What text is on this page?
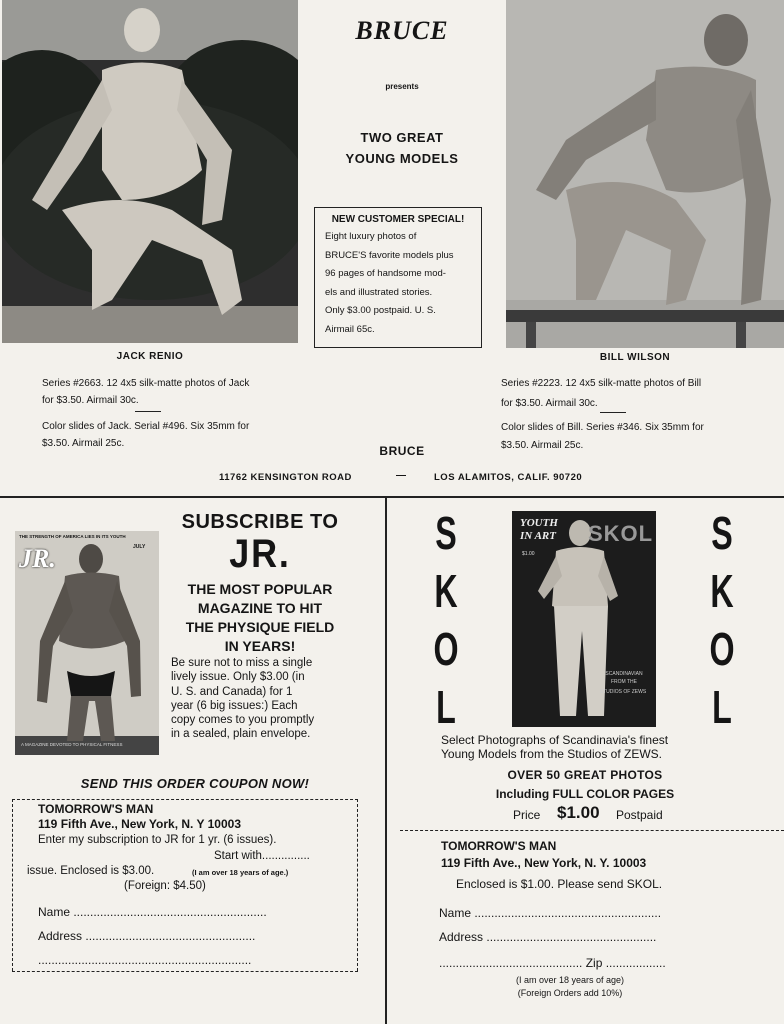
BRUCE
presents
TWO GREAT
YOUNG MODELS
NEW CUSTOMER SPECIAL!
Eight luxury photos of
BRUCE'S favorite models plus
96 pages of handsome mod-
els and illustrated stories.
Only $3.00 postpaid. U. S.
Airmail 65c.
JACK RENIO
Series #2663. 12 4x5 silk-matte photos of Jack
for $3.50. Airmail 30c.
Color slides of Jack. Serial #496. Six 35mm for
$3.50. Airmail 25c.
BILL WILSON
Series #2223. 12 4x5 silk-matte photos of Bill
for $3.50. Airmail 30c.
Color slides of Bill. Series #346. Six 35mm for
$3.50. Airmail 25c.
BRUCE
11762 KENSINGTON ROAD	—	LOS ALAMITOS, CALIF. 90720
THE STRENGTH OF AMERICA LIES IN ITS YOUTH
JR.	JULY
A MAGAZINE DEVOTED TO PHYSICAL FITNESS
SUBSCRIBE TO
JR.
THE MOST POPULAR
MAGAZINE TO HIT
THE PHYSIQUE FIELD
IN YEARS!
Be sure not to miss a single
lively issue. Only $3.00 (in
U. S. and Canada) for 1
year (6 big issues:) Each
copy comes to you promptly
in a sealed, plain envelope.
SEND THIS ORDER COUPON NOW!
TOMORROW'S MAN
119 Fifth Ave., New York, N. Y 10003
Enter my subscription to JR for 1 yr. (6 issues).
Start with...............
issue. Enclosed is $3.00.	(I am over 18 years of age.)
(Foreign: $4.50)
Name ..........................................................
Address ...................................................
................................................................
S
K
O
L
S
K
O
L
YOUTH
IN ART SKOL
$1.00
SCANDINAVIAN
FROM THE
STUDIOS OF ZEWS
Select Photographs of Scandinavia's finest
Young Models from the Studios of ZEWS.
OVER 50 GREAT PHOTOS
Including FULL COLOR PAGES
Price $1.00 Postpaid
TOMORROW'S MAN
119 Fifth Ave., New York, N. Y. 10003
Enclosed is $1.00. Please send SKOL.
Name ........................................................
Address ...................................................
........................................... Zip ..................
(I am over 18 years of age)
(Foreign Orders add 10%)
